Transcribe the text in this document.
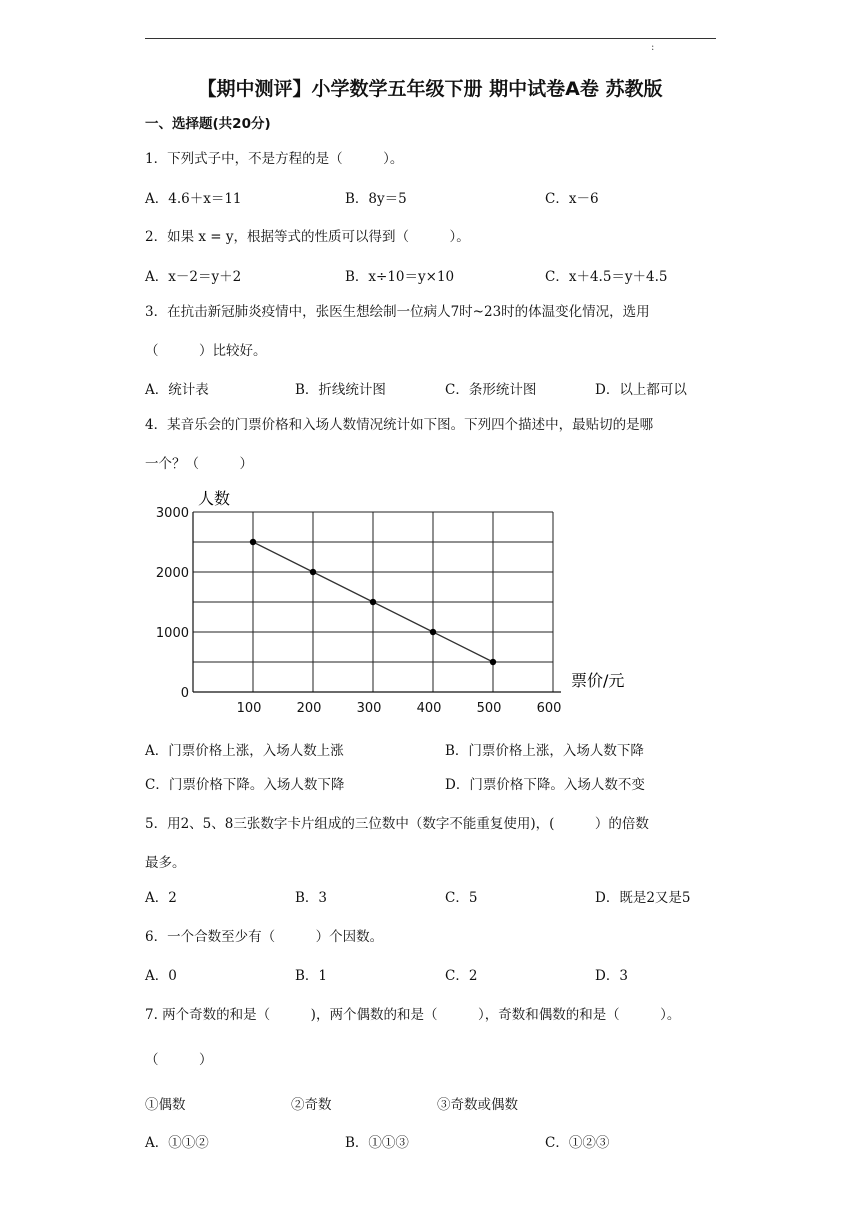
:
【期中测评】小学数学五年级下册 期中试卷A卷 苏教版
一、选择题(共20分)
1．下列式子中，不是方程的是（　　　）。
A．4.6＋x＝11	B．8y＝5	C．x－6
2．如果 x = y，根据等式的性质可以得到（　　　）。
A．x－2＝y＋2	B．x÷10＝y×10	C．x＋4.5＝y＋4.5
3．在抗击新冠肺炎疫情中，张医生想绘制一位病人7时~23时的体温变化情况，选用
（　　　）比较好。
A．统计表	B．折线统计图	C．条形统计图	D．以上都可以
4．某音乐会的门票价格和入场人数情况统计如下图。下列四个描述中，最贴切的是哪
一个？（　　　）
0
1000
2000
3000
100	200	300	400	500	600
人数
票价/元
A．门票价格上涨，入场人数上涨	B．门票价格上涨，入场人数下降
C．门票价格下降。入场人数下降	D．门票价格下降。入场人数不变
5．用2、5、8三张数字卡片组成的三位数中（数字不能重复使用)，(　　　）的倍数
最多。
A．2	B．3	C．5	D．既是2又是5
6．一个合数至少有（　　　）个因数。
A．0	B．1	C．2	D．3
7. 两个奇数的和是（　　　)，两个偶数的和是（　　　），奇数和偶数的和是（　　　）。
（　　　）
①偶数	②奇数	③奇数或偶数
A．①①②	B．①①③	C．①②③
